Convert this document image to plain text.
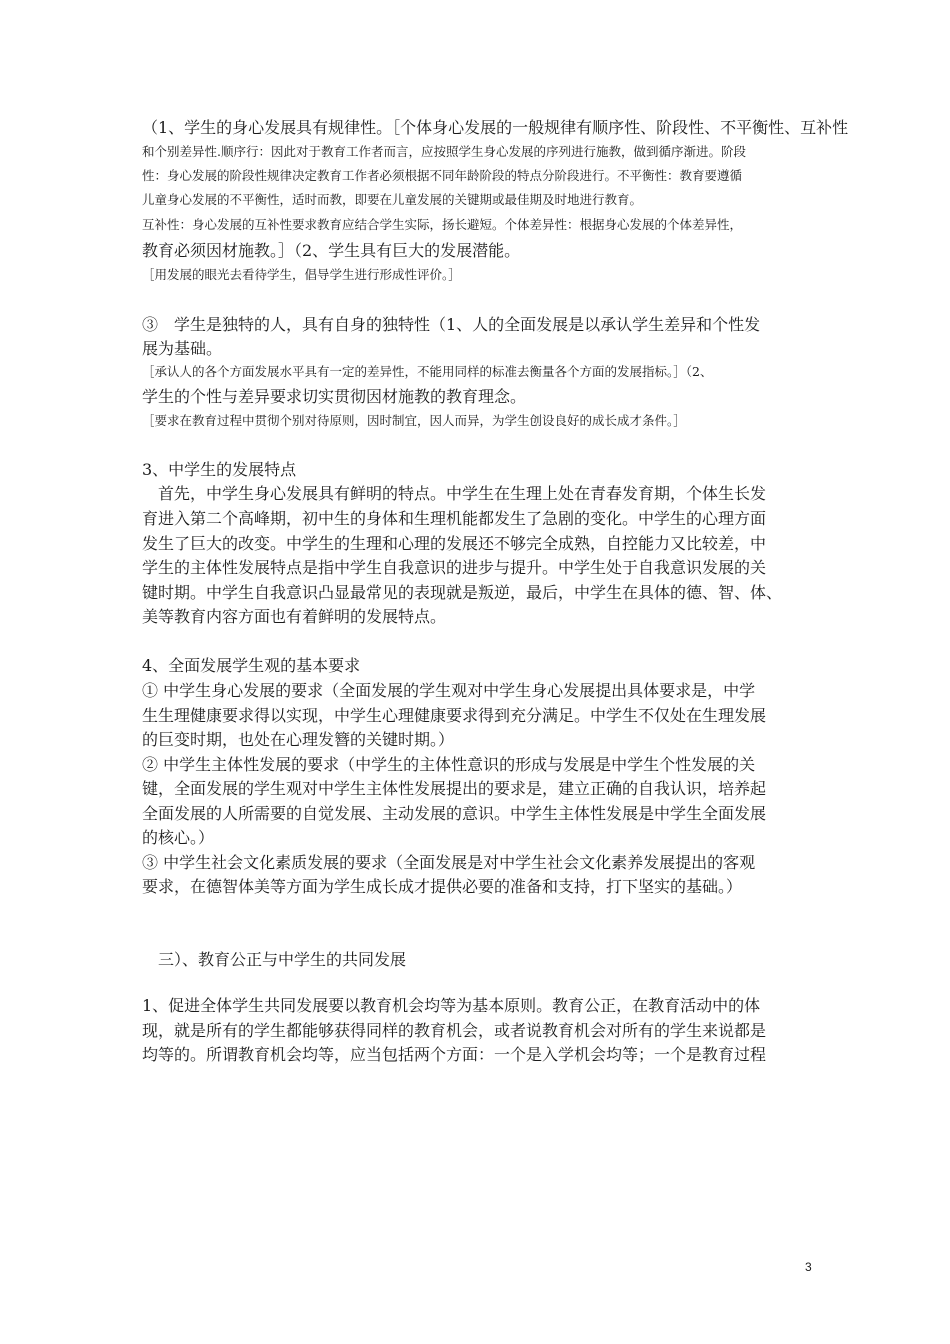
（1、学生的身心发展具有规律性。［个体身心发展的一般规律有顺序性、阶段性、不平衡性、互补性
和个别差异性.顺序行：因此对于教育工作者而言，应按照学生身心发展的序列进行施教，做到循序渐进。阶段
性：身心发展的阶段性规律决定教育工作者必须根据不同年龄阶段的特点分阶段进行。不平衡性：教育要遵循
儿童身心发展的不平衡性，适时而教，即要在儿童发展的关键期或最佳期及时地进行教育。
互补性：身心发展的互补性要求教育应结合学生实际，扬长避短。个体差异性：根据身心发展的个体差异性，
教育必须因材施教。］（2、学生具有巨大的发展潜能。
［用发展的眼光去看待学生，倡导学生进行形成性评价。］
③　学生是独特的人，具有自身的独特性（1、人的全面发展是以承认学生差异和个性发
展为基础。
［承认人的各个方面发展水平具有一定的差异性，不能用同样的标准去衡量各个方面的发展指标。］（2、
学生的个性与差异要求切实贯彻因材施教的教育理念。
［要求在教育过程中贯彻个别对待原则，因时制宜，因人而异，为学生创设良好的成长成才条件。］
3、中学生的发展特点
　首先，中学生身心发展具有鲜明的特点。中学生在生理上处在青春发育期，个体生长发
育进入第二个高峰期，初中生的身体和生理机能都发生了急剧的变化。中学生的心理方面
发生了巨大的改变。中学生的生理和心理的发展还不够完全成熟，自控能力又比较差，中
学生的主体性发展特点是指中学生自我意识的进步与提升。中学生处于自我意识发展的关
键时期。中学生自我意识凸显最常见的表现就是叛逆，最后，中学生在具体的德、智、体、
美等教育内容方面也有着鲜明的发展特点。
4、全面发展学生观的基本要求
① 中学生身心发展的要求（全面发展的学生观对中学生身心发展提出具体要求是，中学
生生理健康要求得以实现，中学生心理健康要求得到充分满足。中学生不仅处在生理发展
的巨变时期，也处在心理发簪的关键时期。）
② 中学生主体性发展的要求（中学生的主体性意识的形成与发展是中学生个性发展的关
键，全面发展的学生观对中学生主体性发展提出的要求是，建立正确的自我认识，培养起
全面发展的人所需要的自觉发展、主动发展的意识。中学生主体性发展是中学生全面发展
的核心。）
③ 中学生社会文化素质发展的要求（全面发展是对中学生社会文化素养发展提出的客观
要求，在德智体美等方面为学生成长成才提供必要的准备和支持，打下坚实的基础。）
　三）、教育公正与中学生的共同发展
1、促进全体学生共同发展要以教育机会均等为基本原则。教育公正，在教育活动中的体
现，就是所有的学生都能够获得同样的教育机会，或者说教育机会对所有的学生来说都是
均等的。所谓教育机会均等，应当包括两个方面：一个是入学机会均等；一个是教育过程
3
